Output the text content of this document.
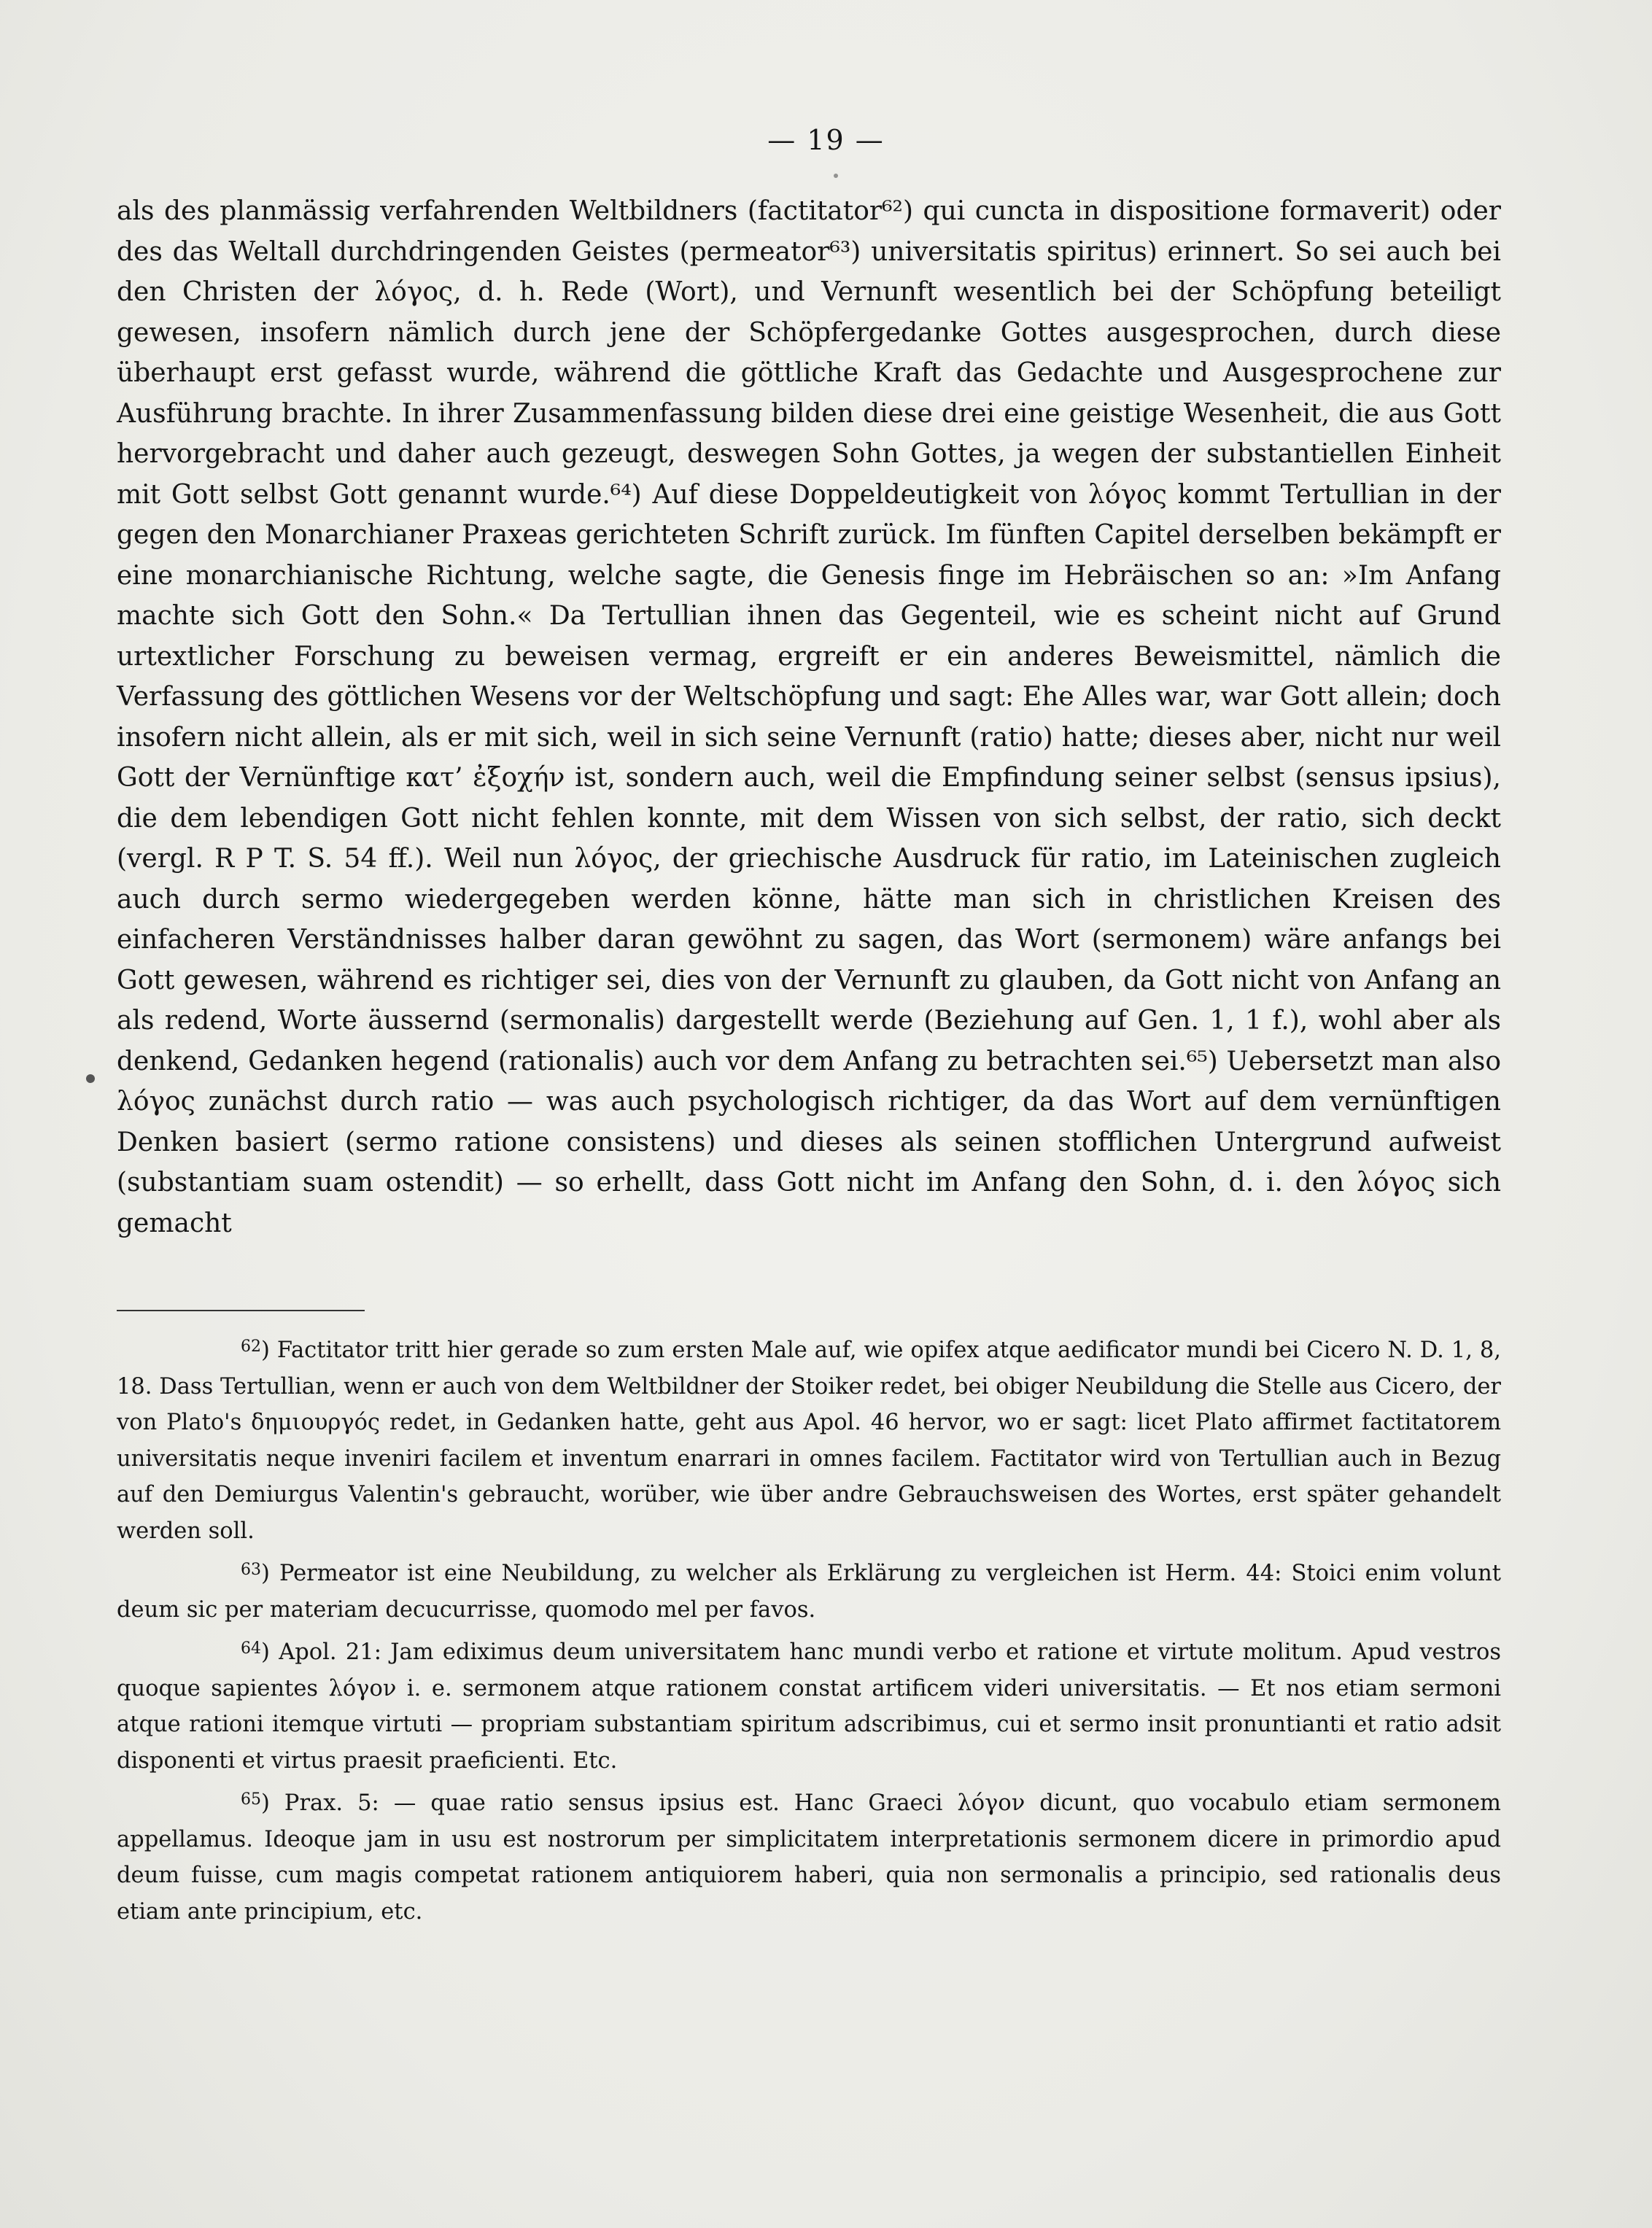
— 19 —

als des planmässig verfahrenden Weltbildners (factitator⁶²) qui cuncta in dispositione formaverit) oder des das Weltall durchdringenden Geistes (permeator⁶³) universitatis spiritus) erinnert. So sei auch bei den Christen der λόγος, d. h. Rede (Wort), und Vernunft wesentlich bei der Schöpfung beteiligt gewesen, insofern nämlich durch jene der Schöpfergedanke Gottes ausgesprochen, durch diese überhaupt erst gefasst wurde, während die göttliche Kraft das Gedachte und Ausgesprochene zur Ausführung brachte. In ihrer Zusammenfassung bilden diese drei eine geistige Wesenheit, die aus Gott hervorgebracht und daher auch gezeugt, deswegen Sohn Gottes, ja wegen der substantiellen Einheit mit Gott selbst Gott genannt wurde.⁶⁴) Auf diese Doppeldeutigkeit von λόγος kommt Tertullian in der gegen den Monarchianer Praxeas gerichteten Schrift zurück. Im fünften Capitel derselben bekämpft er eine monarchianische Richtung, welche sagte, die Genesis finge im Hebräischen so an: »Im Anfang machte sich Gott den Sohn.« Da Tertullian ihnen das Gegenteil, wie es scheint nicht auf Grund urtextlicher Forschung zu beweisen vermag, ergreift er ein anderes Beweismittel, nämlich die Verfassung des göttlichen Wesens vor der Weltschöpfung und sagt: Ehe Alles war, war Gott allein; doch insofern nicht allein, als er mit sich, weil in sich seine Vernunft (ratio) hatte; dieses aber, nicht nur weil Gott der Vernünftige κατ’ ἐξοχήν ist, sondern auch, weil die Empfindung seiner selbst (sensus ipsius), die dem lebendigen Gott nicht fehlen konnte, mit dem Wissen von sich selbst, der ratio, sich deckt (vergl. R P T. S. 54 ff.). Weil nun λόγος, der griechische Ausdruck für ratio, im Lateinischen zugleich auch durch sermo wiedergegeben werden könne, hätte man sich in christlichen Kreisen des einfacheren Verständnisses halber daran gewöhnt zu sagen, das Wort (sermonem) wäre anfangs bei Gott gewesen, während es richtiger sei, dies von der Vernunft zu glauben, da Gott nicht von Anfang an als redend, Worte äussernd (sermonalis) dargestellt werde (Beziehung auf Gen. 1, 1 f.), wohl aber als denkend, Gedanken hegend (rationalis) auch vor dem Anfang zu betrachten sei.⁶⁵) Uebersetzt man also λόγος zunächst durch ratio — was auch psychologisch richtiger, da das Wort auf dem vernünftigen Denken basiert (sermo ratione consistens) und dieses als seinen stofflichen Untergrund aufweist (substantiam suam ostendit) — so erhellt, dass Gott nicht im Anfang den Sohn, d. i. den λόγος sich gemacht

$^{62}$) Factitator tritt hier gerade so zum ersten Male auf, wie opifex atque aedificator mundi bei Cicero N. D. 1, 8, 18. Dass Tertullian, wenn er auch von dem Weltbildner der Stoiker redet, bei obiger Neubildung die Stelle aus Cicero, der von Plato's δημιουργός redet, in Gedanken hatte, geht aus Apol. 46 hervor, wo er sagt: licet Plato affirmet factitatorem universitatis neque inveniri facilem et inventum enarrari in omnes facilem. Factitator wird von Tertullian auch in Bezug auf den Demiurgus Valentin's gebraucht, worüber, wie über andre Gebrauchsweisen des Wortes, erst später gehandelt werden soll.

$^{63}$) Permeator ist eine Neubildung, zu welcher als Erklärung zu vergleichen ist Herm. 44: Stoici enim volunt deum sic per materiam decucurrisse, quomodo mel per favos.

$^{64}$) Apol. 21: Jam ediximus deum universitatem hanc mundi verbo et ratione et virtute molitum. Apud vestros quoque sapientes λόγον i. e. sermonem atque rationem constat artificem videri universitatis. — Et nos etiam sermoni atque rationi itemque virtuti — propriam substantiam spiritum adscribimus, cui et sermo insit pronuntianti et ratio adsit disponenti et virtus praesit praeficienti. Etc.

$^{65}$) Prax. 5: — quae ratio sensus ipsius est. Hanc Graeci λόγον dicunt, quo vocabulo etiam sermonem appellamus. Ideoque jam in usu est nostrorum per simplicitatem interpretationis sermonem dicere in primordio apud deum fuisse, cum magis competat rationem antiquiorem haberi, quia non sermonalis a principio, sed rationalis deus etiam ante principium, etc.
